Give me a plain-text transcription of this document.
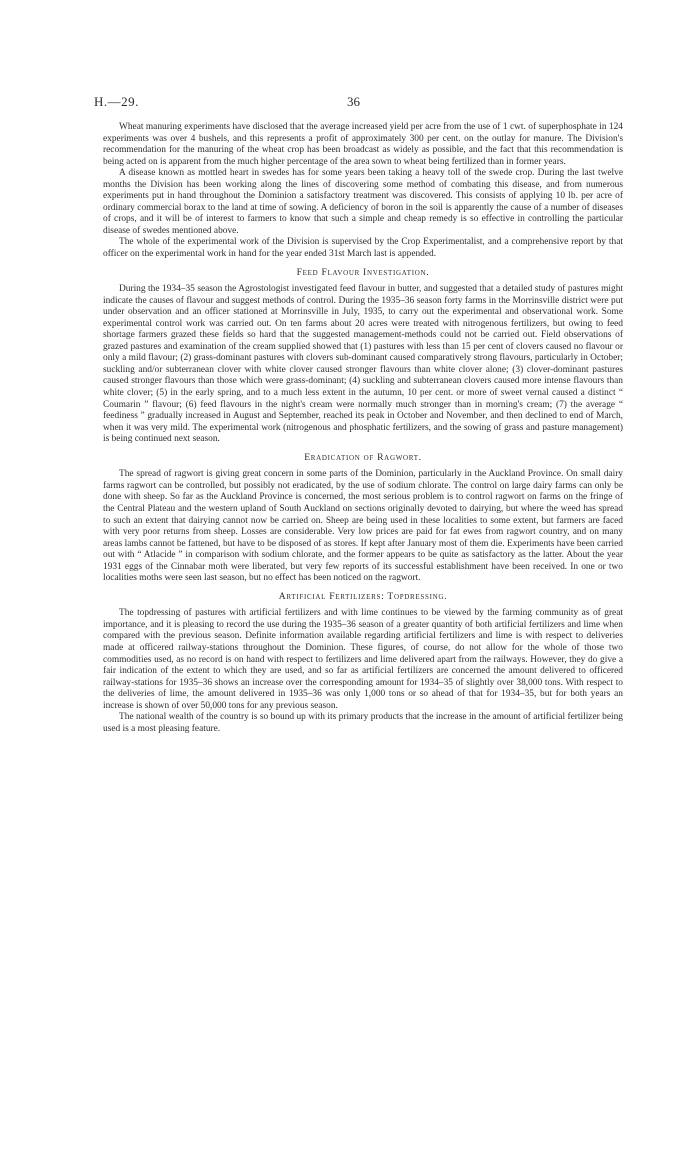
H.—29.	36

Wheat manuring experiments have disclosed that the average increased yield per acre from the use of 1 cwt. of superphosphate in 124 experiments was over 4 bushels, and this represents a profit of approximately 300 per cent. on the outlay for manure. The Division's recommendation for the manuring of the wheat crop has been broadcast as widely as possible, and the fact that this recommendation is being acted on is apparent from the much higher percentage of the area sown to wheat being fertilized than in former years.

A disease known as mottled heart in swedes has for some years been taking a heavy toll of the swede crop. During the last twelve months the Division has been working along the lines of discovering some method of combating this disease, and from numerous experiments put in hand throughout the Dominion a satisfactory treatment was discovered. This consists of applying 10 lb. per acre of ordinary commercial borax to the land at time of sowing. A deficiency of boron in the soil is apparently the cause of a number of diseases of crops, and it will be of interest to farmers to know that such a simple and cheap remedy is so effective in controlling the particular disease of swedes mentioned above.

The whole of the experimental work of the Division is supervised by the Crop Experimentalist, and a comprehensive report by that officer on the experimental work in hand for the year ended 31st March last is appended.

Feed Flavour Investigation.

During the 1934–35 season the Agrostologist investigated feed flavour in butter, and suggested that a detailed study of pastures might indicate the causes of flavour and suggest methods of control. During the 1935–36 season forty farms in the Morrinsville district were put under observation and an officer stationed at Morrinsville in July, 1935, to carry out the experimental and observational work. Some experimental control work was carried out. On ten farms about 20 acres were treated with nitrogenous fertilizers, but owing to feed shortage farmers grazed these fields so hard that the suggested management-methods could not be carried out. Field observations of grazed pastures and examination of the cream supplied showed that (1) pastures with less than 15 per cent of clovers caused no flavour or only a mild flavour; (2) grass-dominant pastures with clovers sub-dominant caused comparatively strong flavours, particularly in October; suckling and/or subterranean clover with white clover caused stronger flavours than white clover alone; (3) clover-dominant pastures caused stronger flavours than those which were grass-dominant; (4) suckling and subterranean clovers caused more intense flavours than white clover; (5) in the early spring, and to a much less extent in the autumn, 10 per cent. or more of sweet vernal caused a distinct “ Coumarin ” flavour; (6) feed flavours in the night's cream were normally much stronger than in morning's cream; (7) the average “ feediness ” gradually increased in August and September, reached its peak in October and November, and then declined to end of March, when it was very mild. The experimental work (nitrogenous and phosphatic fertilizers, and the sowing of grass and pasture management) is being continued next season.

Eradication of Ragwort.

The spread of ragwort is giving great concern in some parts of the Dominion, particularly in the Auckland Province. On small dairy farms ragwort can be controlled, but possibly not eradicated, by the use of sodium chlorate. The control on large dairy farms can only be done with sheep. So far as the Auckland Province is concerned, the most serious problem is to control ragwort on farms on the fringe of the Central Plateau and the western upland of South Auckland on sections originally devoted to dairying, but where the weed has spread to such an extent that dairying cannot now be carried on. Sheep are being used in these localities to some extent, but farmers are faced with very poor returns from sheep. Losses are considerable. Very low prices are paid for fat ewes from ragwort country, and on many areas lambs cannot be fattened, but have to be disposed of as stores. If kept after January most of them die. Experiments have been carried out with “ Atlacide ” in comparison with sodium chlorate, and the former appears to be quite as satisfactory as the latter. About the year 1931 eggs of the Cinnabar moth were liberated, but very few reports of its successful establishment have been received. In one or two localities moths were seen last season, but no effect has been noticed on the ragwort.

Artificial Fertilizers: Topdressing.

The topdressing of pastures with artificial fertilizers and with lime continues to be viewed by the farming community as of great importance, and it is pleasing to record the use during the 1935–36 season of a greater quantity of both artificial fertilizers and lime when compared with the previous season. Definite information available regarding artificial fertilizers and lime is with respect to deliveries made at officered railway-stations throughout the Dominion. These figures, of course, do not allow for the whole of those two commodities used, as no record is on hand with respect to fertilizers and lime delivered apart from the railways. However, they do give a fair indication of the extent to which they are used, and so far as artificial fertilizers are concerned the amount delivered to officered railway-stations for 1935–36 shows an increase over the corresponding amount for 1934–35 of slightly over 38,000 tons. With respect to the deliveries of lime, the amount delivered in 1935–36 was only 1,000 tons or so ahead of that for 1934–35, but for both years an increase is shown of over 50,000 tons for any previous season.

The national wealth of the country is so bound up with its primary products that the increase in the amount of artificial fertilizer being used is a most pleasing feature.
